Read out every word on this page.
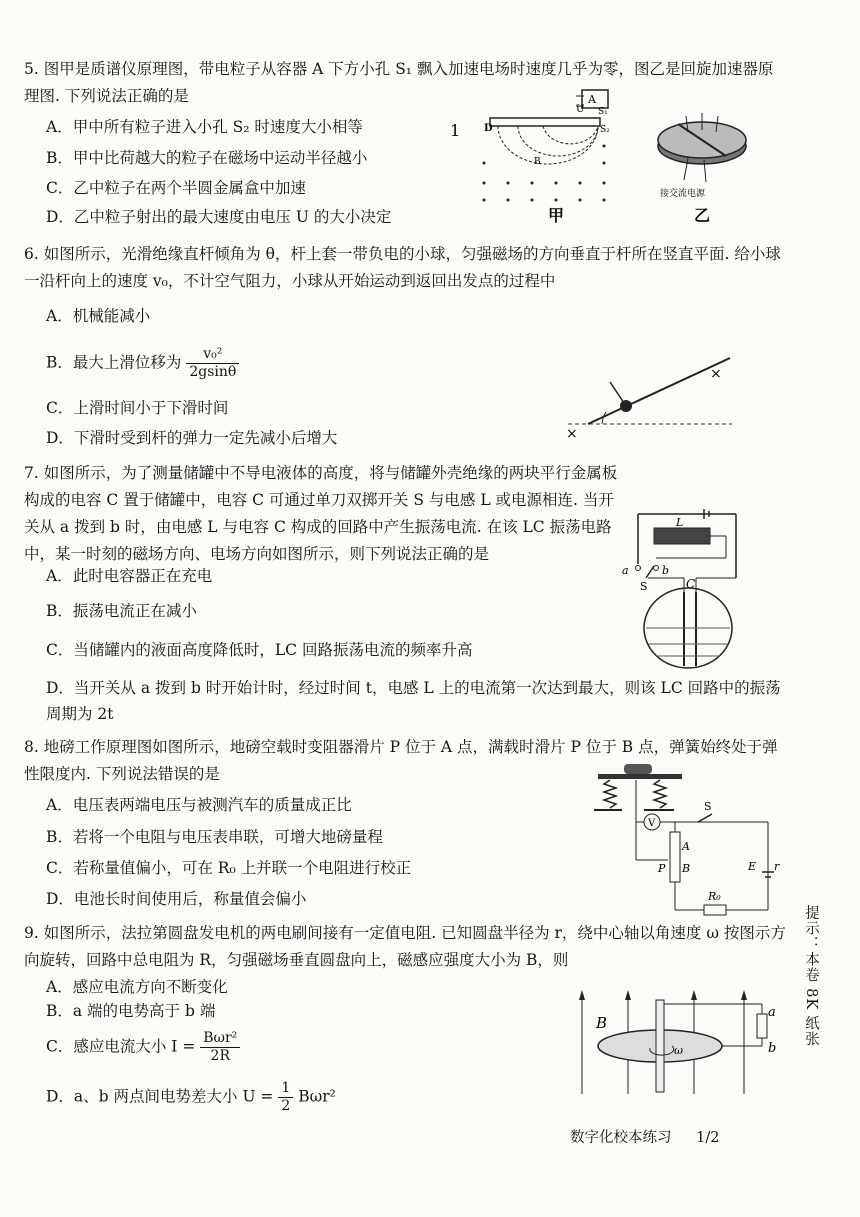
5. 图甲是质谱仪原理图，带电粒子从容器 A 下方小孔 S₁ 飘入加速电场时速度几乎为零，图乙是回旋加速器原理图. 下列说法正确的是

A．甲中所有粒子进入小孔 S₂ 时速度大小相等
B．甲中比荷越大的粒子在磁场中运动半径越小
C．乙中粒子在两个半圆金属盒中加速
D．乙中粒子射出的最大速度由电压 U 的大小决定
1
A
U S₁
D	S₂
B
甲
接交流电源
乙

6. 如图所示，光滑绝缘直杆倾角为 θ，杆上套一带负电的小球，匀强磁场的方向垂直于杆所在竖直平面. 给小球一沿杆向上的速度 v₀，不计空气阻力，小球从开始运动到返回出发点的过程中

A．机械能减小
B．最大上滑位移为 $\frac{\text{v₀²}}{2gsin\theta}$
C．上滑时间小于下滑时间
D．下滑时受到杆的弹力一定先减小后增大	×
×

7. 如图所示，为了测量储罐中不导电液体的高度，将与储罐外壳绝缘的两块平行金属板构成的电容 C 置于储罐中，电容 C 可通过单刀双掷开关 S 与电感 L 或电源相连. 当开关从 a 拨到 b 时，由电感 L 与电容 C 构成的回路中产生振荡电流. 在该 LC 振荡电路中，某一时刻的磁场方向、电场方向如图所示，则下列说法正确的是

A．此时电容器正在充电
B．振荡电流正在减小
C．当储罐内的液面高度降低时，LC 回路振荡电流的频率升高
D．当开关从 a 拨到 b 时开始计时，经过时间 t，电感 L 上的电流第一次达到最大，则该 LC 回路中的振荡周期为 2t
L
a	b
S	C

8. 地磅工作原理图如图所示，地磅空载时变阻器滑片 P 位于 A 点，满载时滑片 P 位于 B 点，弹簧始终处于弹性限度内. 下列说法错误的是

A．电压表两端电压与被测汽车的质量成正比
B．若将一个电阻与电压表串联，可增大地磅量程
C．若称量值偏小，可在 R₀ 上并联一个电阻进行校正
D．电池长时间使用后，称量值会偏小
V
S
E r
A
B
P
R₀

9. 如图所示，法拉第圆盘发电机的两电刷间接有一定值电阻. 已知圆盘半径为 r，绕中心轴以角速度 ω 按图示方向旋转，回路中总电阻为 R，匀强磁场垂直圆盘向上，磁感应强度大小为 B，则

A．感应电流方向不断变化
B．a 端的电势高于 b 端
C．感应电流大小 $I = \frac{\text{Bωr²}}{2R}$
D．a、b 两点间电势差大小 $U = \frac{1}{2} B\omega r^2$
B
a
b
ω
提示：本卷 8K 纸张
数字化校本练习 1/2
